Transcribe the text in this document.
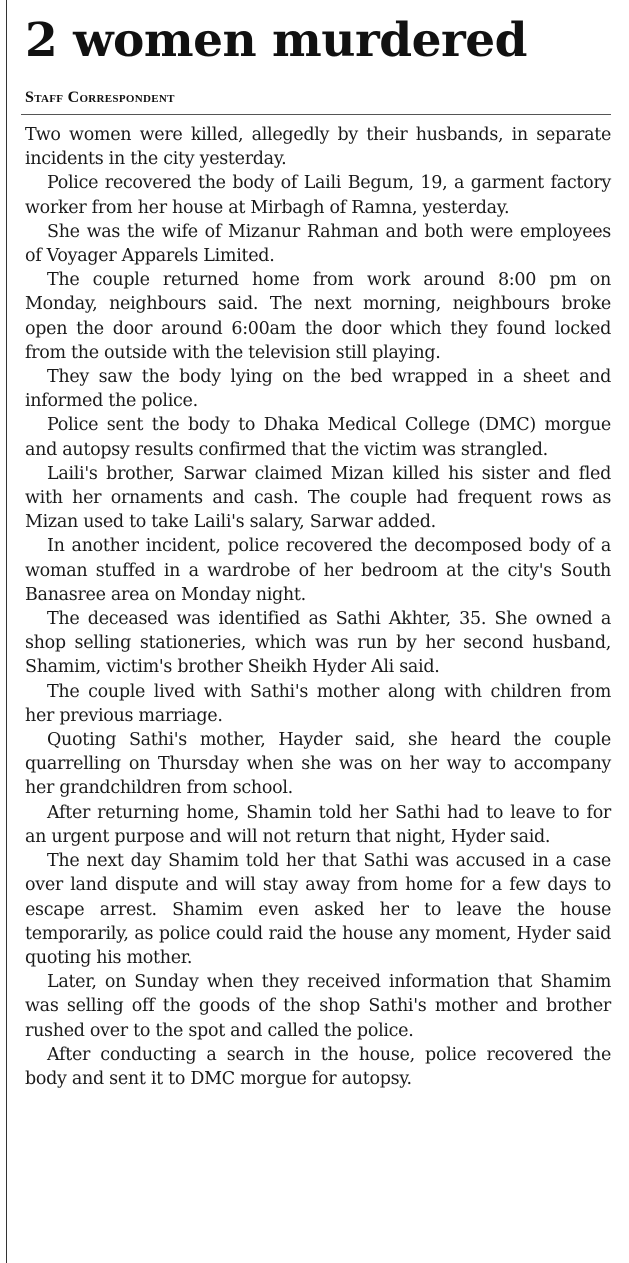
2 women murdered
Staff Correspondent

Two women were killed, allegedly by their husbands, in separate incidents in the city yesterday.

Police recovered the body of Laili Begum, 19, a garment factory worker from her house at Mirbagh of Ramna, yesterday.

She was the wife of Mizanur Rahman and both were employees of Voyager Apparels Limited.

The couple returned home from work around 8:00 pm on Monday, neighbours said. The next morning, neighbours broke open the door around 6:00am the door which they found locked from the outside with the television still playing.

They saw the body lying on the bed wrapped in a sheet and informed the police.

Police sent the body to Dhaka Medical College (DMC) morgue and autopsy results confirmed that the victim was strangled.

Laili's brother, Sarwar claimed Mizan killed his sister and fled with her ornaments and cash. The couple had frequent rows as Mizan used to take Laili's salary, Sarwar added.

In another incident, police recovered the decomposed body of a woman stuffed in a wardrobe of her bedroom at the city's South Banasree area on Monday night.

The deceased was identified as Sathi Akhter, 35. She owned a shop selling stationeries, which was run by her second husband, Shamim, victim's brother Sheikh Hyder Ali said.

The couple lived with Sathi's mother along with children from her previous marriage.

Quoting Sathi's mother, Hayder said, she heard the couple quarrelling on Thursday when she was on her way to accompany her grandchildren from school.

After returning home, Shamin told her Sathi had to leave to for an urgent purpose and will not return that night, Hyder said.

The next day Shamim told her that Sathi was accused in a case over land dispute and will stay away from home for a few days to escape arrest. Shamim even asked her to leave the house temporarily, as police could raid the house any moment, Hyder said quoting his mother.

Later, on Sunday when they received information that Shamim was selling off the goods of the shop Sathi's mother and brother rushed over to the spot and called the police.

After conducting a search in the house, police recovered the body and sent it to DMC morgue for autopsy.
